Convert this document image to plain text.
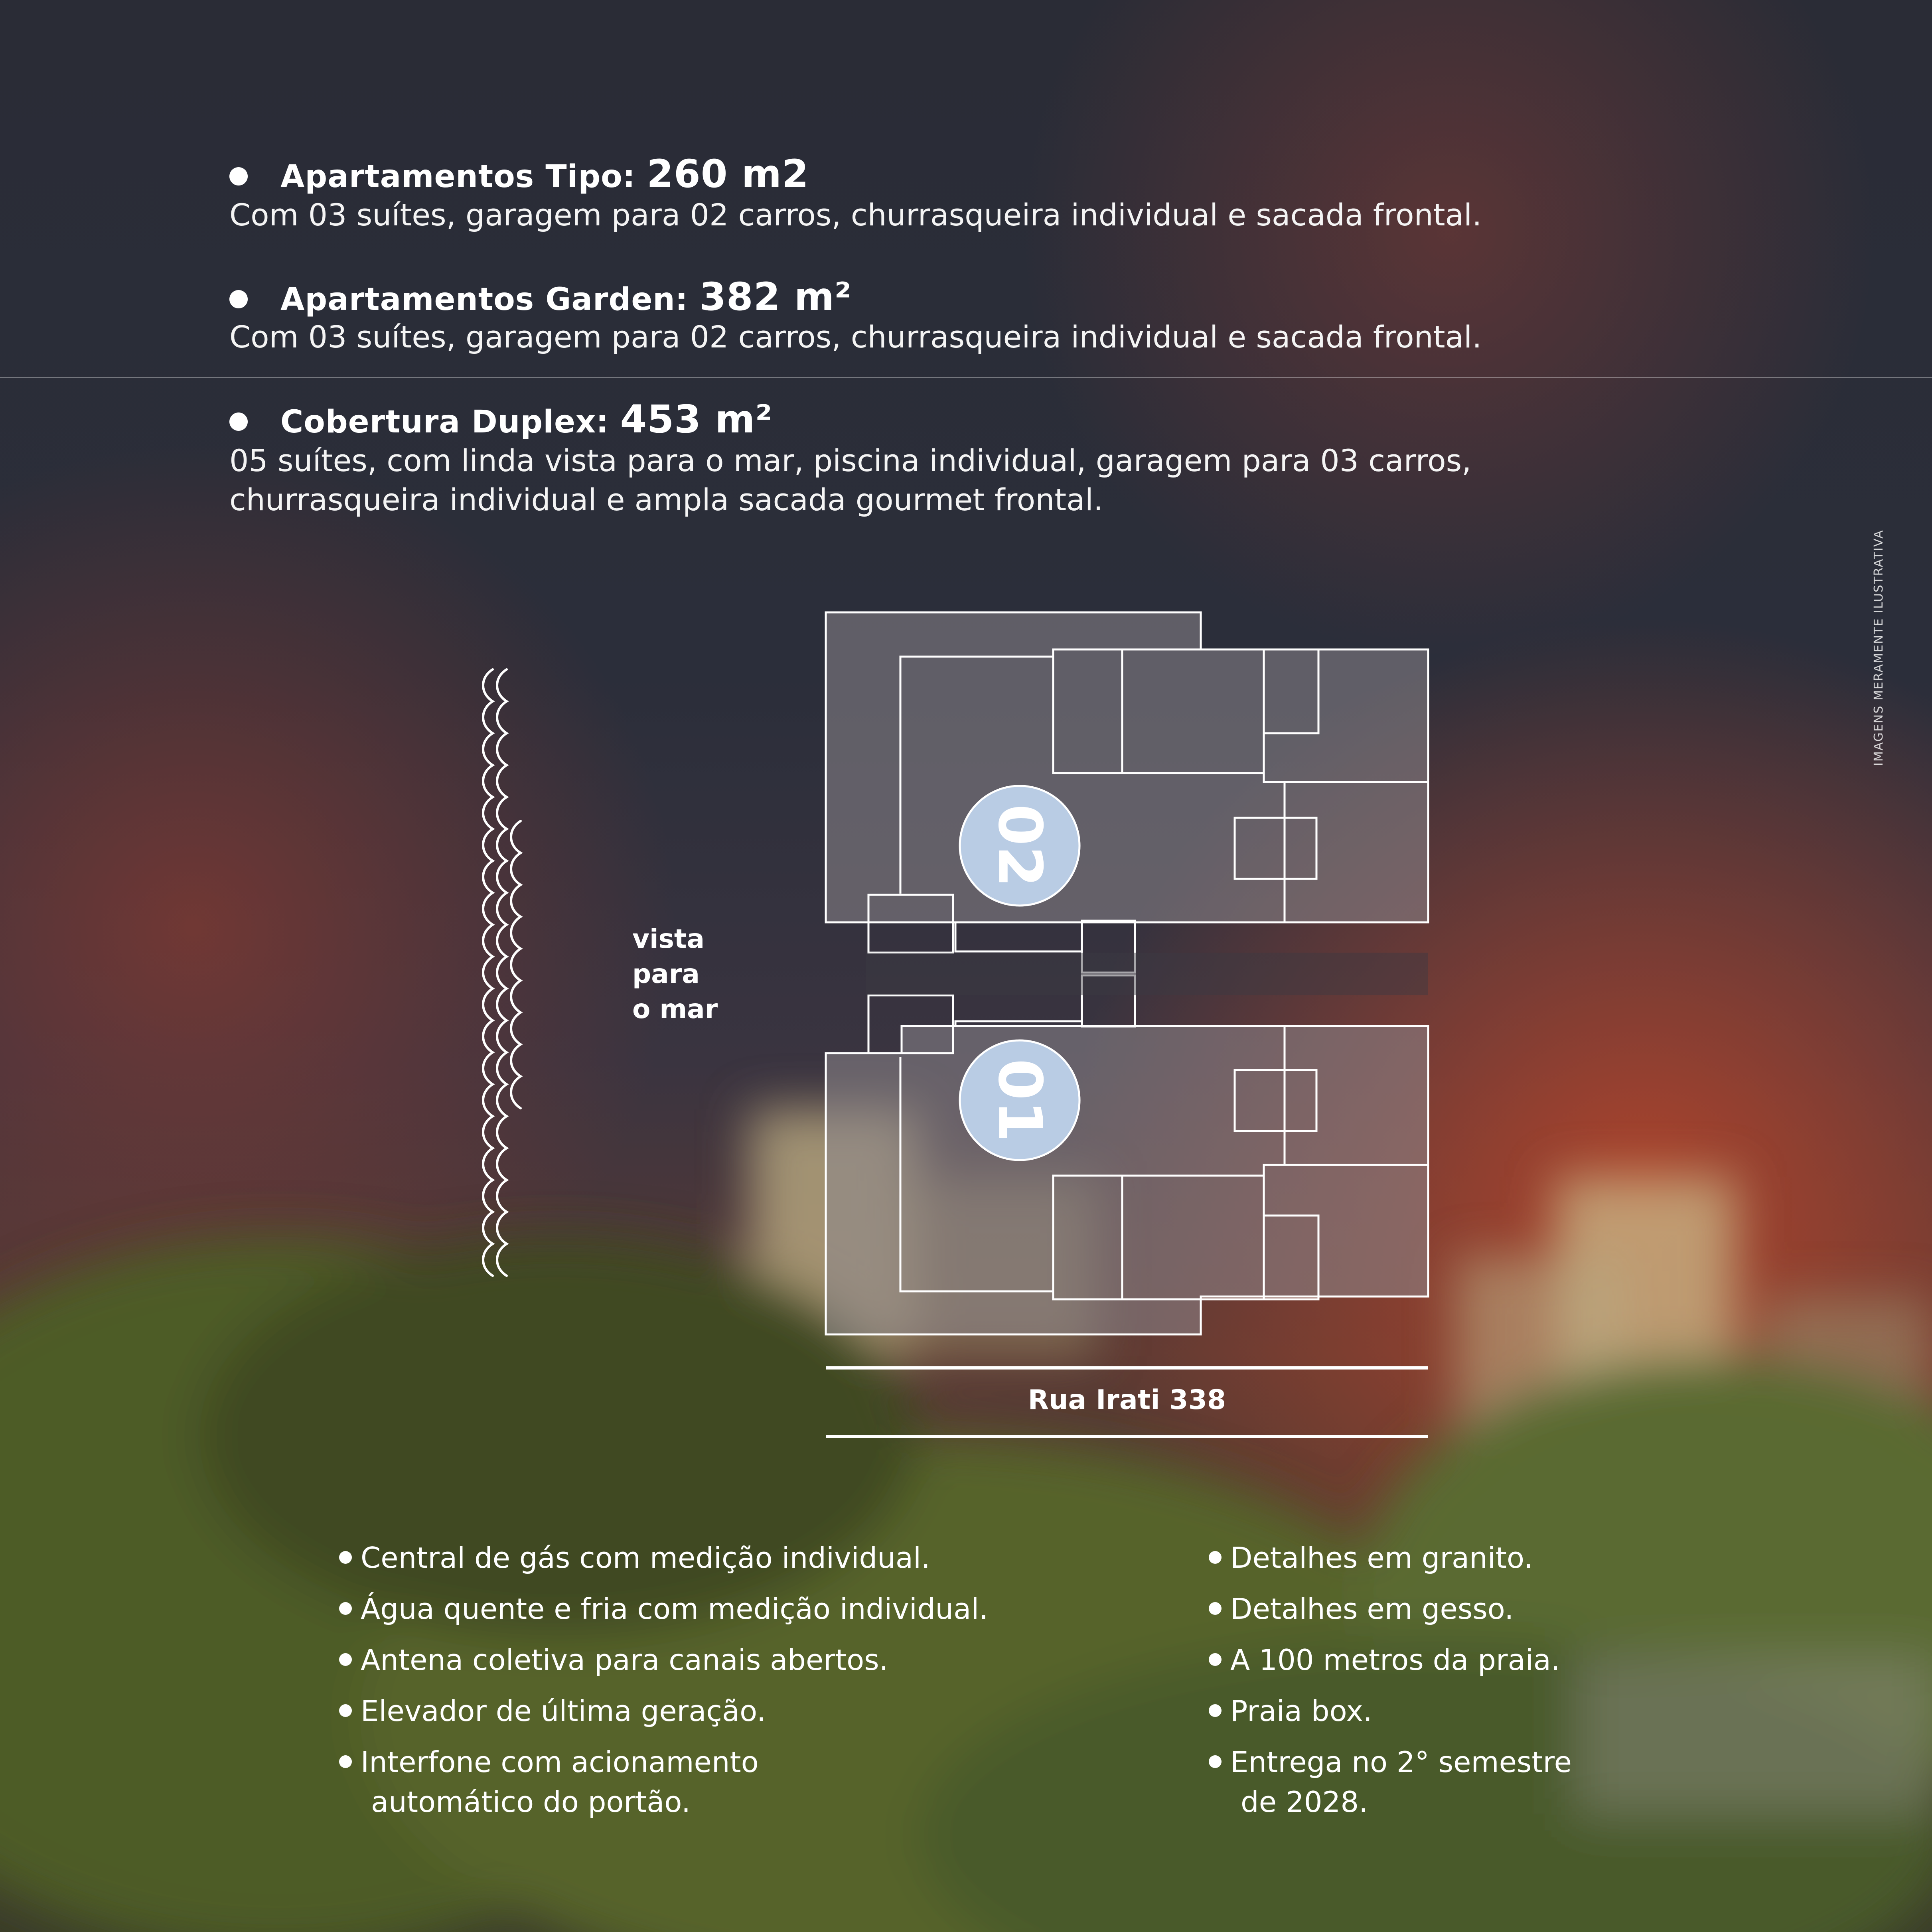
Apartamentos Tipo: 260 m2
Com 03 suítes, garagem para 02 carros, churrasqueira individual e sacada frontal.
Apartamentos Garden: 382 m²
Com 03 suítes, garagem para 02 carros, churrasqueira individual e sacada frontal.
Cobertura Duplex: 453 m²
05 suítes, com linda vista para o mar, piscina individual, garagem para 03 carros,
churrasqueira individual e ampla sacada gourmet frontal.
IMAGENS MERAMENTE ILUSTRATIVA
vista
para
o mar
02
01
Rua Irati 338
Central de gás com medição individual.
Água quente e fria com medição individual.
Antena coletiva para canais abertos.
Elevador de última geração.
Interfone com acionamento
automático do portão.
Detalhes em granito.
Detalhes em gesso.
A 100 metros da praia.
Praia box.
Entrega no 2° semestre
de 2028.
